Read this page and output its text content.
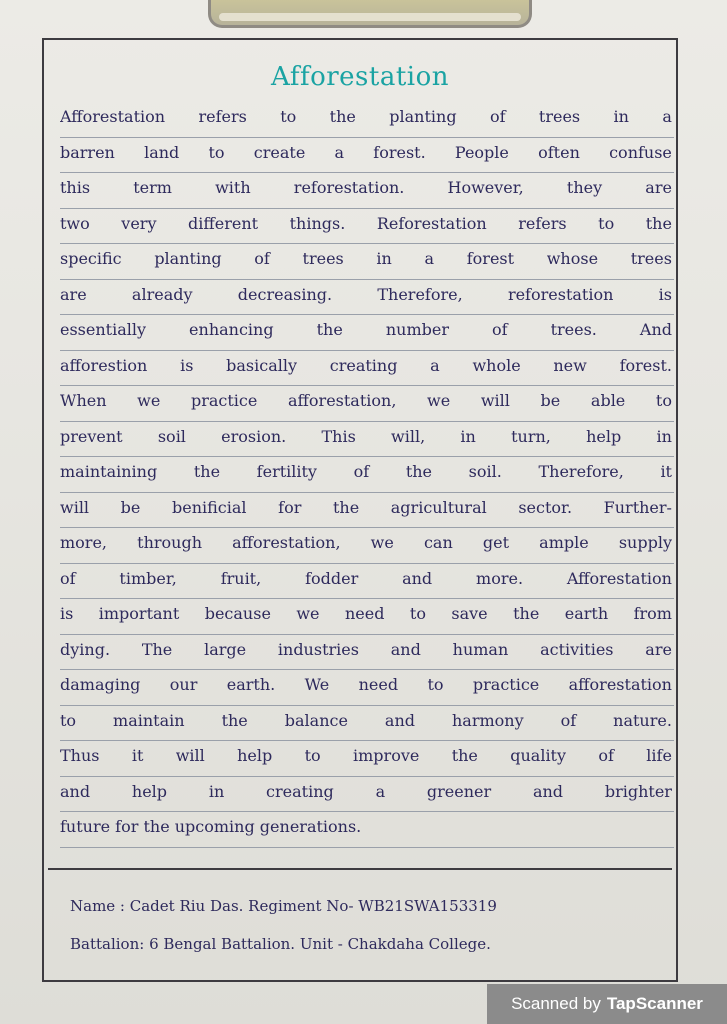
Afforestation
Afforestation refers to the planting of trees in a
barren land to create a forest. People often confuse
this	term	with	reforestation.	However,	they	are
two very different things. Reforestation refers to the
specific planting of trees in a forest whose trees
are	already	decreasing.	Therefore,	reforestation	is
essentially	enhancing	the	number	of	trees.	And
afforestion is basically creating a whole new forest.
When we practice afforestation, we will be able to
prevent soil erosion. This will, in turn, help in
maintaining the fertility of the soil. Therefore, it
will be benificial for the agricultural sector. Further-
more, through afforestation, we can get ample supply
of	timber,	fruit,	fodder	and	more.	Afforestation
is important because we need to save the earth from
dying. The large industries and human activities are
damaging our earth. We need to practice afforestation
to maintain the balance and harmony of nature.
Thus it will help to improve the quality of life
and	help	in	creating	a	greener	and	brighter
future for the upcoming generations.
Name : Cadet Riu Das. Regiment No- WB21SWA153319
Battalion: 6 Bengal Battalion. Unit - Chakdaha College.
Scanned by TapScanner
